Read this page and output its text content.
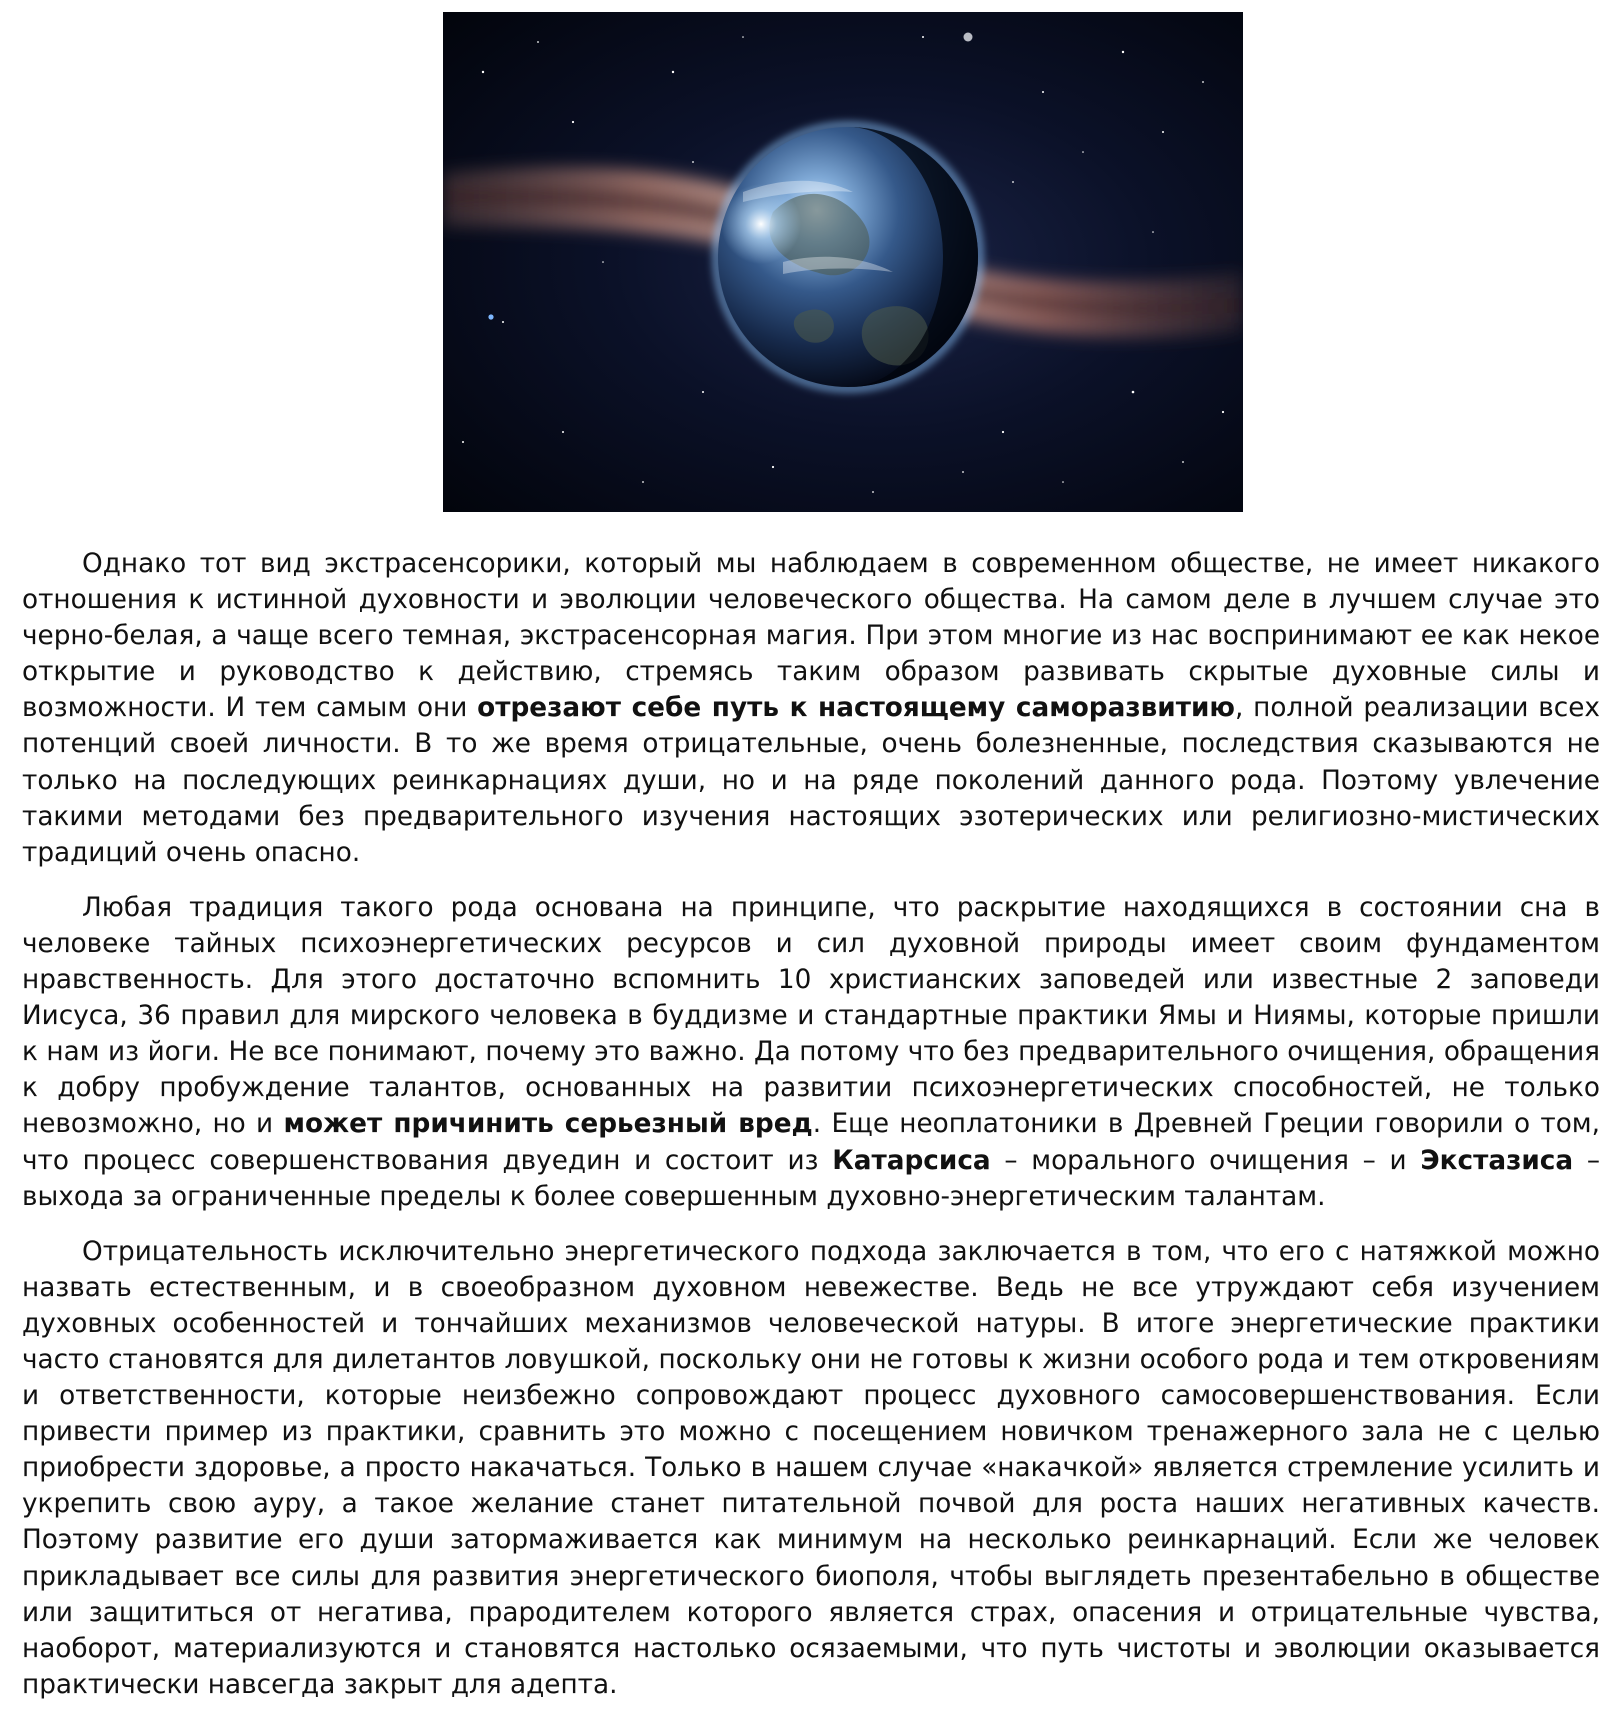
Однако тот вид экстрасенсорики, который мы наблюдаем в современном обществе, не имеет никакого отношения к истинной духовности и эволюции человеческого общества. На самом деле в лучшем случае это черно-белая, а чаще всего темная, экстрасенсорная магия. При этом многие из нас воспринимают ее как некое открытие и руководство к действию, стремясь таким образом развивать скрытые духовные силы и возможности. И тем самым они отрезают себе путь к настоящему саморазвитию, полной реализации всех потенций своей личности. В то же время отрицательные, очень болезненные, последствия сказываются не только на последующих реинкарнациях души, но и на ряде поколений данного рода. Поэтому увлечение такими методами без предварительного изучения настоящих эзотерических или религиозно-мистических традиций очень опасно.

Любая традиция такого рода основана на принципе, что раскрытие находящихся в состоянии сна в человеке тайных психоэнергетических ресурсов и сил духовной природы имеет своим фундаментом нравственность. Для этого достаточно вспомнить 10 христианских заповедей или известные 2 заповеди Иисуса, 36 правил для мирского человека в буддизме и стандартные практики Ямы и Ниямы, которые пришли к нам из йоги. Не все понимают, почему это важно. Да потому что без предварительного очищения, обращения к добру пробуждение талантов, основанных на развитии психоэнергетических способностей, не только невозможно, но и может причинить серьезный вред. Еще неоплатоники в Древней Греции говорили о том, что процесс совершенствования двуедин и состоит из Катарсиса – морального очищения – и Экстазиса – выхода за ограниченные пределы к более совершенным духовно-энергетическим талантам.

Отрицательность исключительно энергетического подхода заключается в том, что его с натяжкой можно назвать естественным, и в своеобразном духовном невежестве. Ведь не все утруждают себя изучением духовных особенностей и тончайших механизмов человеческой натуры. В итоге энергетические практики часто становятся для дилетантов ловушкой, поскольку они не готовы к жизни особого рода и тем откровениям и ответственности, которые неизбежно сопровождают процесс духовного самосовершенствования. Если привести пример из практики, сравнить это можно с посещением новичком тренажерного зала не с целью приобрести здоровье, а просто накачаться. Только в нашем случае «накачкой» является стремление усилить и укрепить свою ауру, а такое желание станет питательной почвой для роста наших негативных качеств. Поэтому развитие его души затормаживается как минимум на несколько реинкарнаций. Если же человек прикладывает все силы для развития энергетического биополя, чтобы выглядеть презентабельно в обществе или защититься от негатива, прародителем которого является страх, опасения и отрицательные чувства, наоборот, материализуются и становятся настолько осязаемыми, что путь чистоты и эволюции оказывается практически навсегда закрыт для адепта.
